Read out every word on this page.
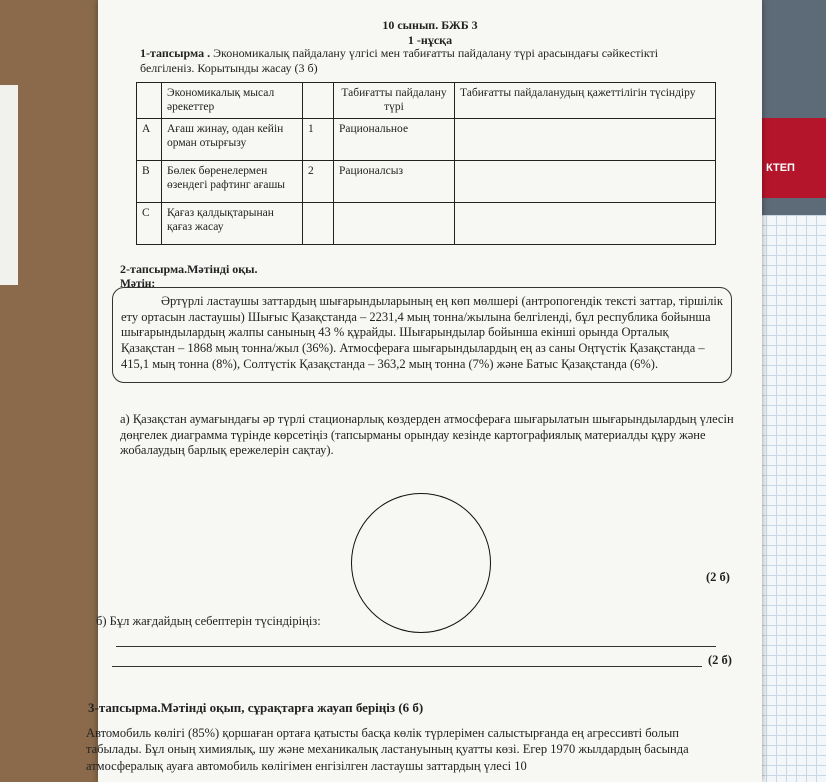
КТЕП
10 сынып. БЖБ 3
1 -нұсқа
1-тапсырма . Экономикалық пайдалану үлгісі мен табиғатты пайдалану түрі арасындағы сәйкестікті белгіленіз. Корытынды жасау (3 б)
	Экономикалық мысал әрекеттер		Табиғатты пайдалану түрі	Табиғатты пайдаланудың қажеттілігін түсіндіру
A	Ағаш жинау, одан кейін орман отырғызу	1	Рациональное	
B	Бөлек бөренелермен өзендегі рафтинг ағашы	2	Рационалсыз	
C	Қағаз қалдықтарынан қағаз жасау			
2-тапсырма.Мәтінді оқы.
Мәтін:
Әртүрлі ластаушы заттардың шығарындыларының ең көп мөлшері (антропогендік тексті заттар, тіршілік ету ортасын ластаушы) Шығыс Қазақстанда – 2231,4 мың тонна/жылына белгіленді, бұл республика бойынша шығарындылардың жалпы санының 43 % құрайды. Шығарындылар бойынша екінші орында Орталық Қазақстан – 1868 мың тонна/жыл (36%). Атмосфераға шығарындылардың ең аз саны Оңтүстік Қазақстанда – 415,1 мың тонна (8%), Солтүстік Қазақстанда – 363,2 мың тонна (7%) және Батыс Қазақстанда (6%).
а) Қазақстан аумағындағы әр түрлі стационарлық көздерден атмосфераға шығарылатын шығарындылардың үлесін дөңгелек диаграмма түрінде көрсетіңіз (тапсырманы орындау кезінде картографиялық материалды құру және жобалаудың барлық ережелерін сақтау).
(2 б)
б) Бұл жағдайдың себептерін түсіндіріңіз:
(2 б)
3-тапсырма.Мәтінді оқып, сұрақтарға жауап беріңіз (6 б)
Автомобиль көлігі (85%) қоршаған ортаға қатысты басқа көлік түрлерімен салыстырғанда ең агрессивті болып табылады. Бұл оның химиялық, шу және механикалық ластануының қуатты көзі. Егер 1970 жылдардың басында атмосфералық ауаға автомобиль көлігімен енгізілген ластаушы заттардың үлесі 10
